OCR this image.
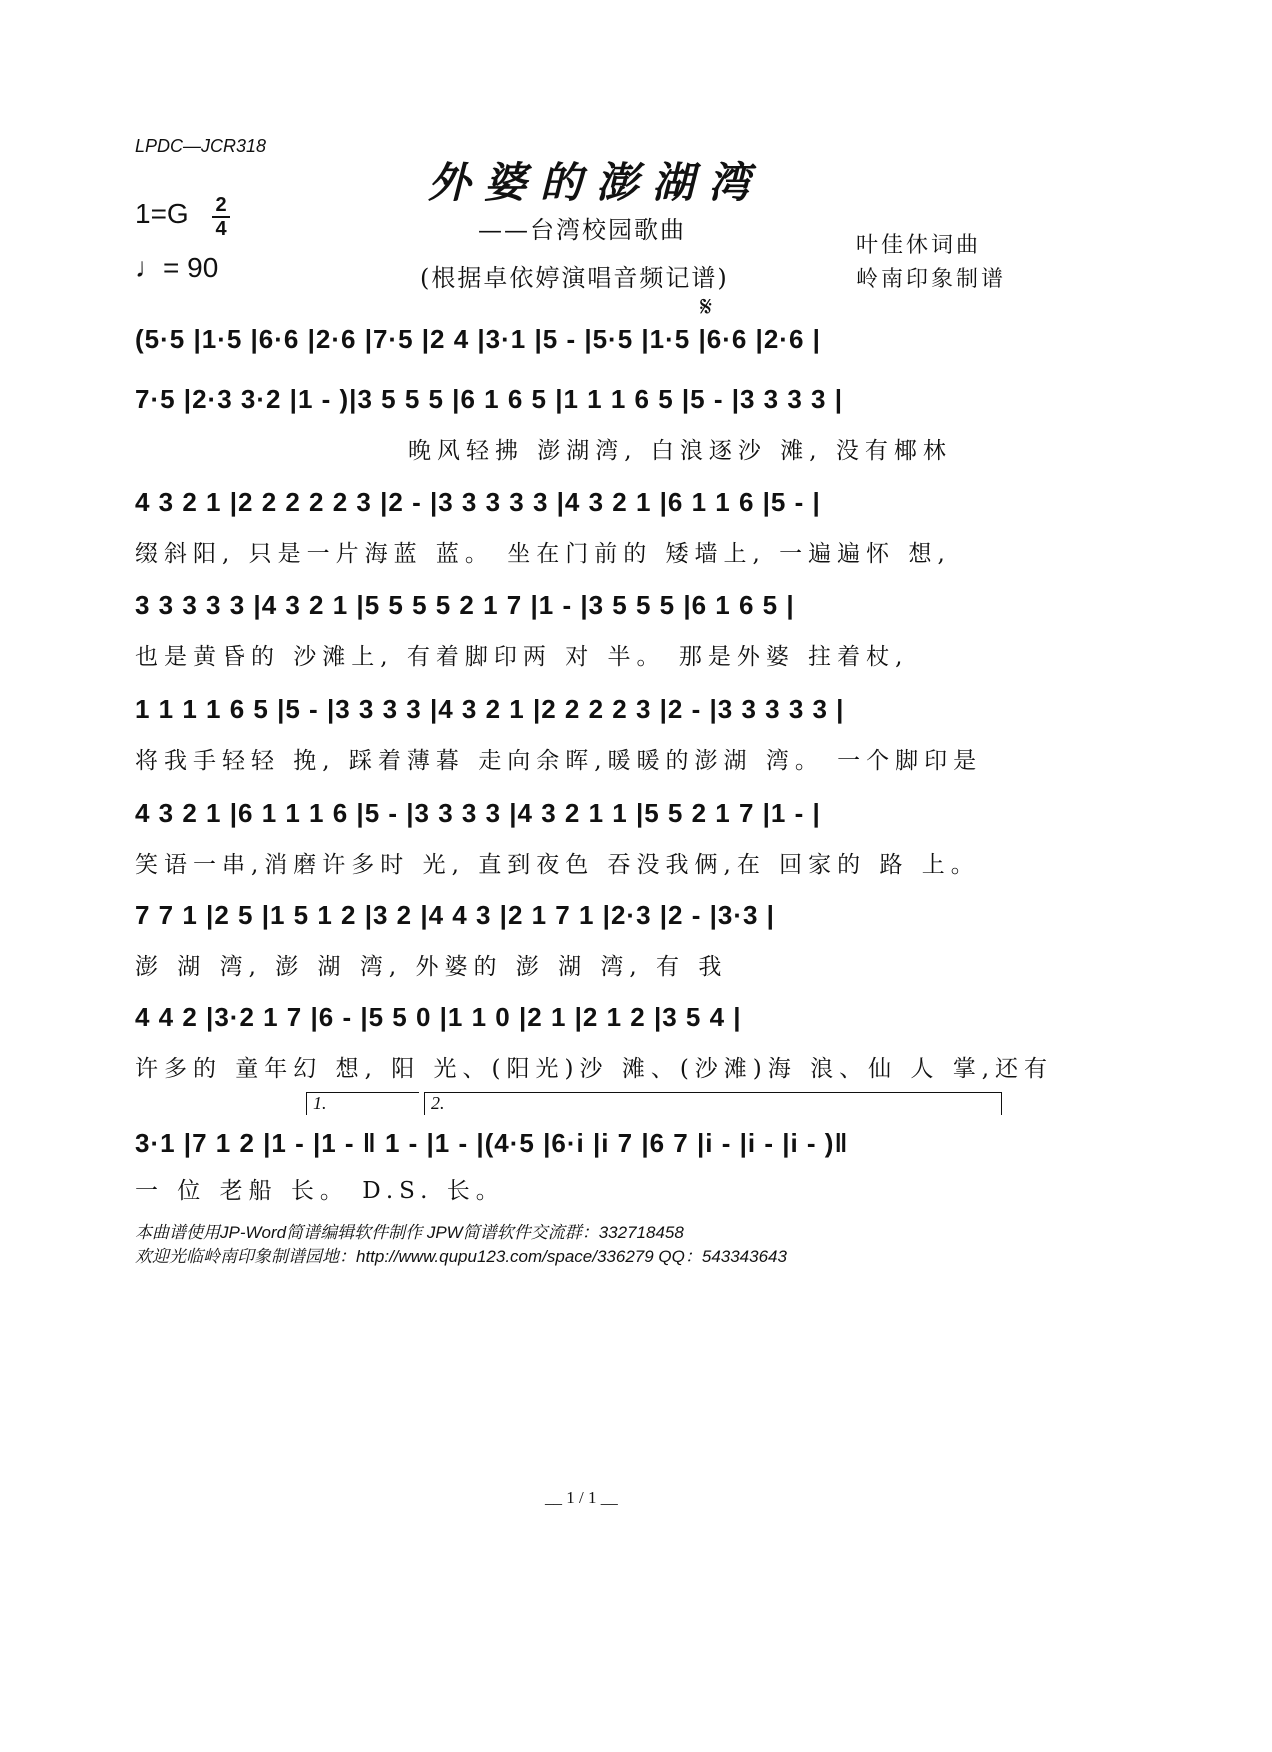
LPDC—JCR318
外婆的澎湖湾
——台湾校园歌曲
(根据卓依婷演唱音频记谱)
1=G 2
4
♩= 90
叶佳休词曲
岭南印象制谱
𝄋
(5·5 |1·5 |6·6 |2·6 |7·5 |2 4 |3·1 |5 - |5·5 |1·5 |6·6 |2·6 |
7·5 |2·3 3·2 |1 - )|3 5 5 5 |6 1 6 5 |1 1 1 6 5 |5 - |3 3 3 3 |
晚风轻拂 澎湖湾, 白浪逐沙 滩, 没有椰林
4 3 2 1 |2 2 2 2 2 3 |2 - |3 3 3 3 3 |4 3 2 1 |6 1 1 6 |5 - |
缀斜阳, 只是一片海蓝 蓝。 坐在门前的 矮墙上, 一遍遍怀 想,
3 3 3 3 3 |4 3 2 1 |5 5 5 5 2 1 7 |1 - |3 5 5 5 |6 1 6 5 |
也是黄昏的 沙滩上, 有着脚印两 对 半。 那是外婆 拄着杖,
1 1 1 1 6 5 |5 - |3 3 3 3 |4 3 2 1 |2 2 2 2 3 |2 - |3 3 3 3 3 |
将我手轻轻 挽, 踩着薄暮 走向余晖,暖暖的澎湖 湾。 一个脚印是
4 3 2 1 |6 1 1 1 6 |5 - |3 3 3 3 |4 3 2 1 1 |5 5 2 1 7 |1 - |
笑语一串,消磨许多时 光, 直到夜色 吞没我俩,在 回家的 路 上。
7 7 1 |2 5 |1 5 1 2 |3 2 |4 4 3 |2 1 7 1 |2·3 |2 - |3·3 |
澎 湖 湾, 澎 湖 湾, 外婆的 澎 湖 湾, 有 我
4 4 2 |3·2 1 7 |6 - |5 5 0 |1 1 0 |2 1 |2 1 2 |3 5 4 |
许多的 童年幻 想, 阳 光、(阳光)沙 滩、(沙滩)海 浪、仙 人 掌,还有
1.	2.
3·1 |7 1 2 |1 - |1 - ‖ 1 - |1 - |(4·5 |6·i |i 7 |6 7 |i - |i - |i - )‖
一 位 老船 长。 D.S. 长。
本曲谱使用JP-Word简谱编辑软件制作 JPW简谱软件交流群：332718458
欢迎光临岭南印象制谱园地：http://www.qupu123.com/space/336279 QQ：543343643
__ 1 / 1 __
